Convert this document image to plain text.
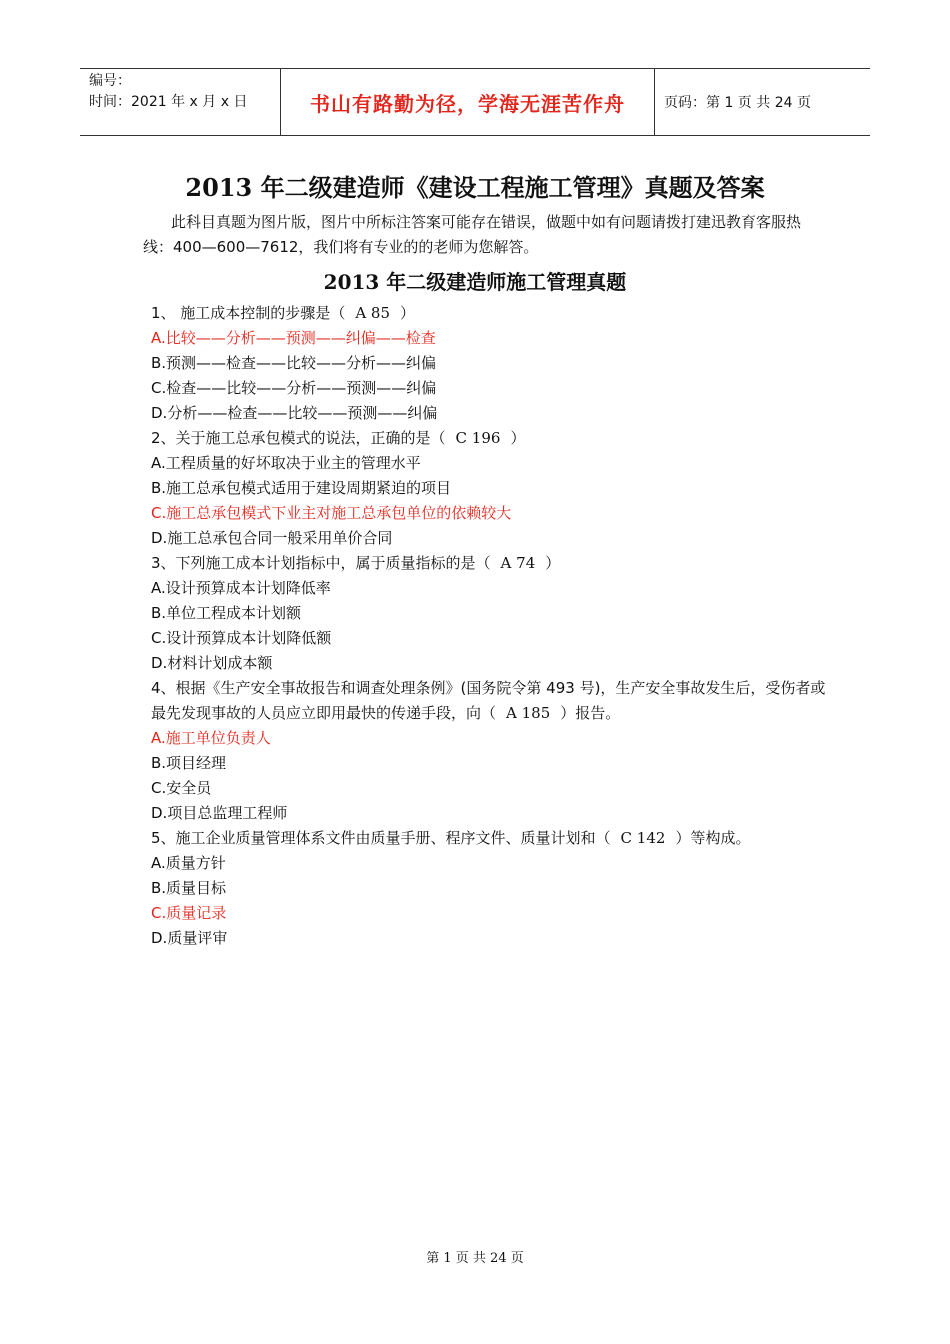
编号：
时间：2021 年 x 月 x 日	书山有路勤为径，学海无涯苦作舟	页码：第 1 页 共 24 页
2013 年二级建造师《建设工程施工管理》真题及答案
此科目真题为图片版，图片中所标注答案可能存在错误，做题中如有问题请拨打建迅教育客服热线：400—600—7612，我们将有专业的的老师为您解答。
2013 年二级建造师施工管理真题
1、 施工成本控制的步骤是（ A 85 ）
A.比较——分析——预测——纠偏——检查
B.预测——检查——比较——分析——纠偏
C.检查——比较——分析——预测——纠偏
D.分析——检查——比较——预测——纠偏
2、关于施工总承包模式的说法，正确的是（ C 196 ）
A.工程质量的好坏取决于业主的管理水平
B.施工总承包模式适用于建设周期紧迫的项目
C.施工总承包模式下业主对施工总承包单位的依赖较大
D.施工总承包合同一般采用单价合同
3、下列施工成本计划指标中，属于质量指标的是（ A 74 ）
A.设计预算成本计划降低率
B.单位工程成本计划额
C.设计预算成本计划降低额
D.材料计划成本额
4、根据《生产安全事故报告和调查处理条例》(国务院令第 493 号)，生产安全事故发生后，受伤者或最先发现事故的人员应立即用最快的传递手段，向（ A 185 ）报告。
A.施工单位负责人
B.项目经理
C.安全员
D.项目总监理工程师
5、施工企业质量管理体系文件由质量手册、程序文件、质量计划和（ C 142 ）等构成。
A.质量方针
B.质量目标
C.质量记录
D.质量评审
第 1 页 共 24 页
